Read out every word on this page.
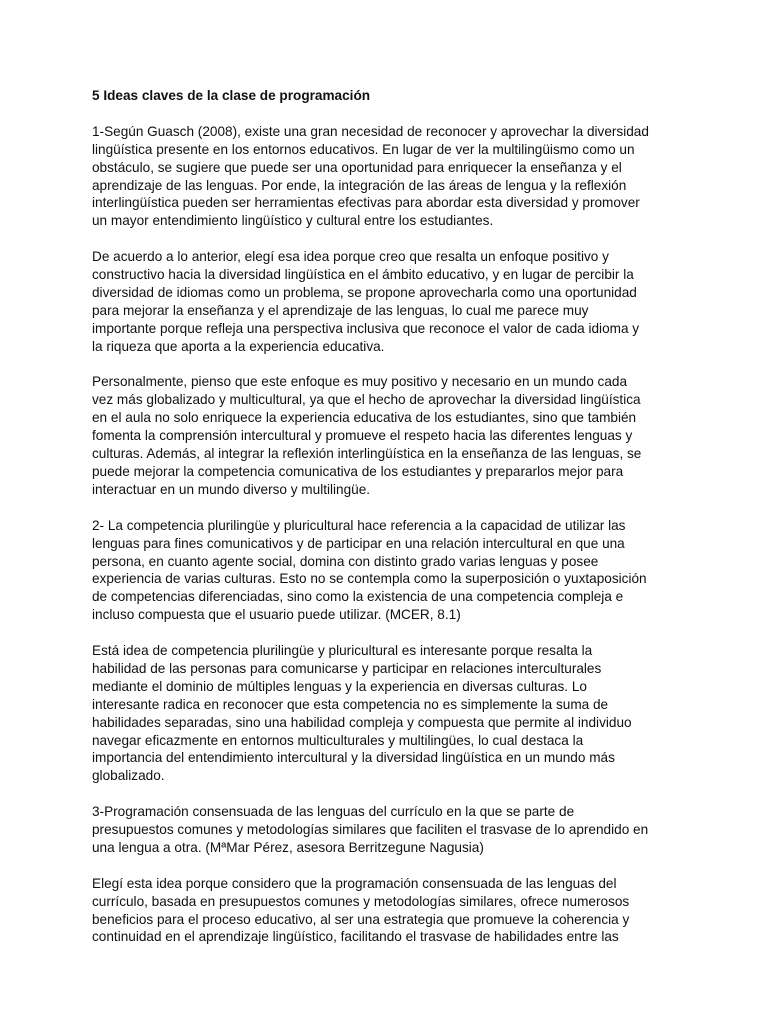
5 Ideas claves de la clase de programación

1-Según Guasch (2008), existe una gran necesidad de reconocer y aprovechar la diversidad
lingüística presente en los entornos educativos. En lugar de ver la multilingüismo como un
obstáculo, se sugiere que puede ser una oportunidad para enriquecer la enseñanza y el
aprendizaje de las lenguas. Por ende, la integración de las áreas de lengua y la reflexión
interlingüística pueden ser herramientas efectivas para abordar esta diversidad y promover
un mayor entendimiento lingüístico y cultural entre los estudiantes.

De acuerdo a lo anterior, elegí esa idea porque creo que resalta un enfoque positivo y
constructivo hacia la diversidad lingüística en el ámbito educativo, y en lugar de percibir la
diversidad de idiomas como un problema, se propone aprovecharla como una oportunidad
para mejorar la enseñanza y el aprendizaje de las lenguas, lo cual me parece muy
importante porque refleja una perspectiva inclusiva que reconoce el valor de cada idioma y
la riqueza que aporta a la experiencia educativa.

Personalmente, pienso que este enfoque es muy positivo y necesario en un mundo cada
vez más globalizado y multicultural, ya que el hecho de aprovechar la diversidad lingüística
en el aula no solo enriquece la experiencia educativa de los estudiantes, sino que también
fomenta la comprensión intercultural y promueve el respeto hacia las diferentes lenguas y
culturas. Además, al integrar la reflexión interlingüística en la enseñanza de las lenguas, se
puede mejorar la competencia comunicativa de los estudiantes y prepararlos mejor para
interactuar en un mundo diverso y multilingüe.

2- La competencia plurilingüe y pluricultural hace referencia a la capacidad de utilizar las
lenguas para fines comunicativos y de participar en una relación intercultural en que una
persona, en cuanto agente social, domina con distinto grado varias lenguas y posee
experiencia de varias culturas. Esto no se contempla como la superposición o yuxtaposición
de competencias diferenciadas, sino como la existencia de una competencia compleja e
incluso compuesta que el usuario puede utilizar. (MCER, 8.1)

Está idea de competencia plurilingüe y pluricultural es interesante porque resalta la
habilidad de las personas para comunicarse y participar en relaciones interculturales
mediante el dominio de múltiples lenguas y la experiencia en diversas culturas. Lo
interesante radica en reconocer que esta competencia no es simplemente la suma de
habilidades separadas, sino una habilidad compleja y compuesta que permite al individuo
navegar eficazmente en entornos multiculturales y multilingües, lo cual destaca la
importancia del entendimiento intercultural y la diversidad lingüística en un mundo más
globalizado.

3-Programación consensuada de las lenguas del currículo en la que se parte de
presupuestos comunes y metodologías similares que faciliten el trasvase de lo aprendido en
una lengua a otra. (MªMar Pérez, asesora Berritzegune Nagusia)

Elegí esta idea porque considero que la programación consensuada de las lenguas del
currículo, basada en presupuestos comunes y metodologías similares, ofrece numerosos
beneficios para el proceso educativo, al ser una estrategia que promueve la coherencia y
continuidad en el aprendizaje lingüístico, facilitando el trasvase de habilidades entre las
